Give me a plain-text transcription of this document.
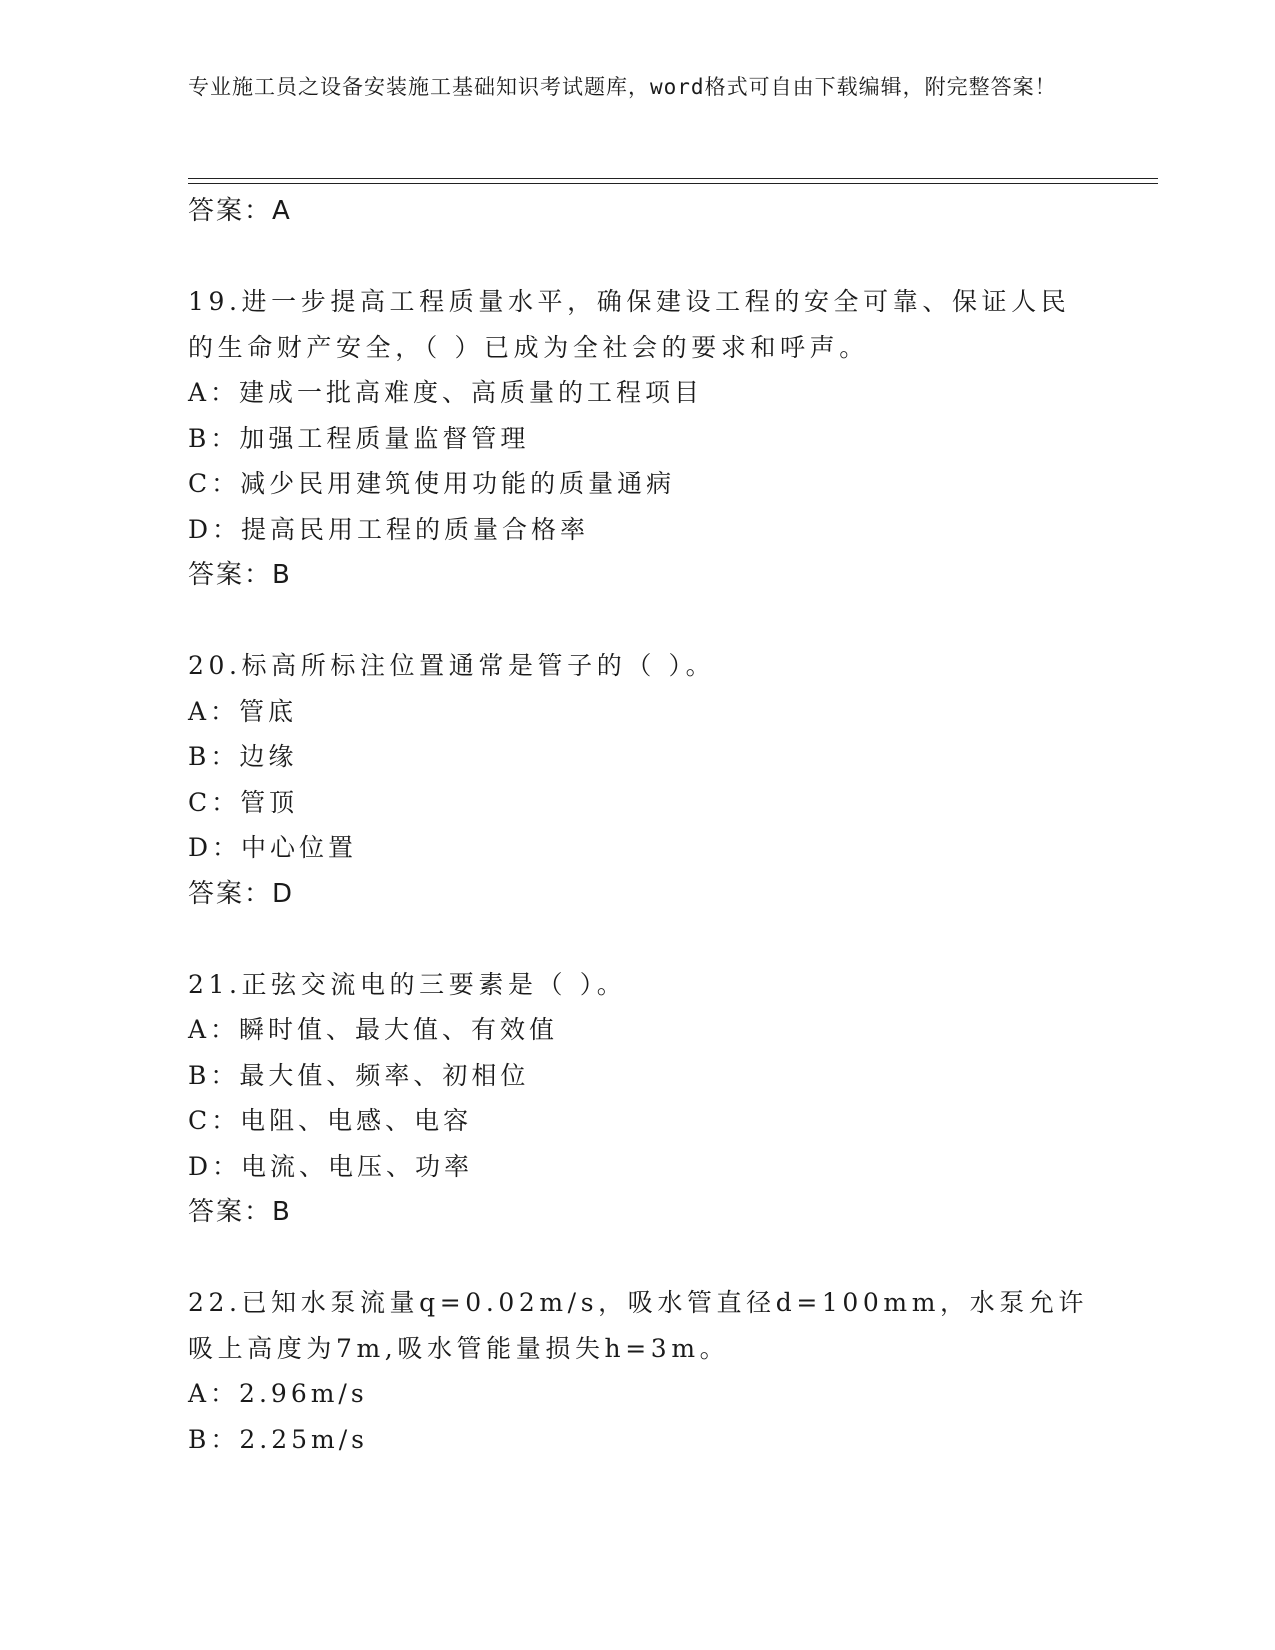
专业施工员之设备安装施工基础知识考试题库，word格式可自由下载编辑，附完整答案！
答案：A

19.进一步提高工程质量水平，确保建设工程的安全可靠、保证人民的生命财产安全，（ ）已成为全社会的要求和呼声。

A：建成一批高难度、高质量的工程项目

B：加强工程质量监督管理

C：减少民用建筑使用功能的质量通病

D：提高民用工程的质量合格率

答案：B

20.标高所标注位置通常是管子的（ ）。

A：管底

B：边缘

C：管顶

D：中心位置

答案：D

21.正弦交流电的三要素是（ ）。

A：瞬时值、最大值、有效值

B：最大值、频率、初相位

C：电阻、电感、电容

D：电流、电压、功率

答案：B

22.已知水泵流量q=0.02m/s，吸水管直径d=100mm，水泵允许吸上高度为7m,吸水管能量损失h=3m。

A：2.96m/s

B：2.25m/s
